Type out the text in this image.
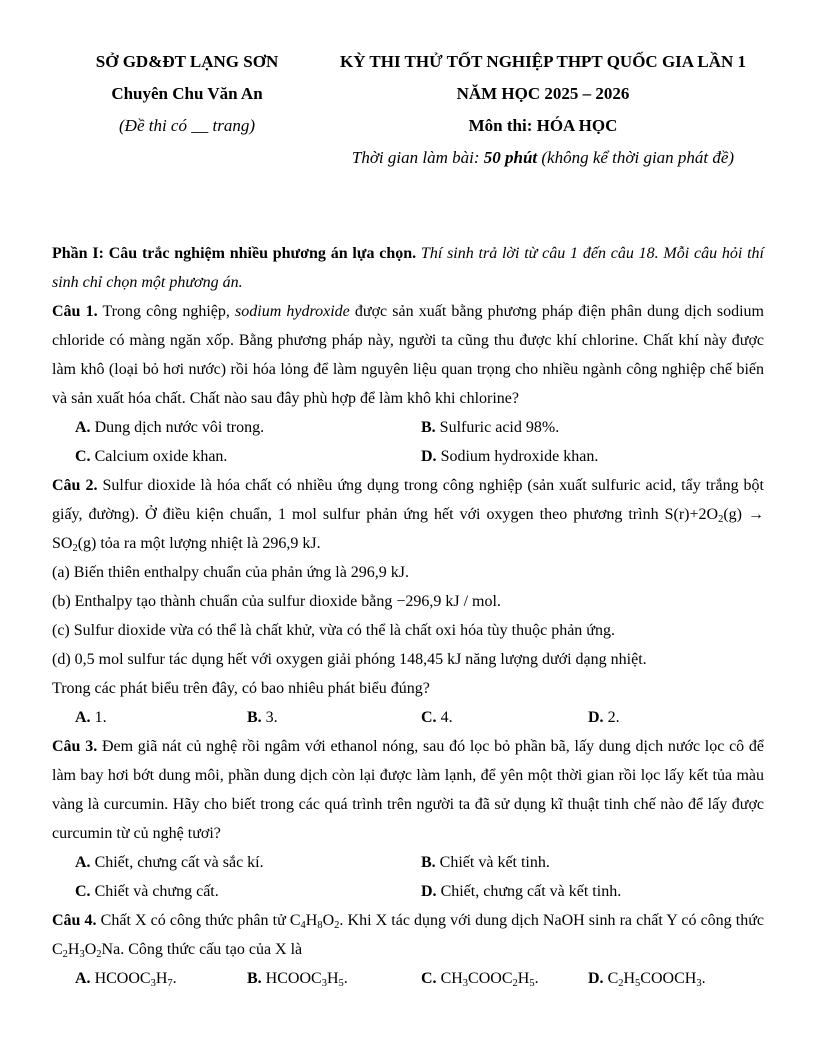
SỞ GD&ĐT LẠNG SƠN
Chuyên Chu Văn An
(Đề thi có __ trang)
KỲ THI THỬ TỐT NGHIỆP THPT QUỐC GIA LẦN 1
NĂM HỌC 2025 – 2026
Môn thi: HÓA HỌC
Thời gian làm bài: 50 phút (không kể thời gian phát đề)

Phần I: Câu trắc nghiệm nhiều phương án lựa chọn. Thí sinh trả lời từ câu 1 đến câu 18. Mỗi câu hỏi thí sinh chỉ chọn một phương án.

Câu 1. Trong công nghiệp, sodium hydroxide được sản xuất bằng phương pháp điện phân dung dịch sodium chloride có màng ngăn xốp. Bằng phương pháp này, người ta cũng thu được khí chlorine. Chất khí này được làm khô (loại bỏ hơi nước) rồi hóa lỏng để làm nguyên liệu quan trọng cho nhiều ngành công nghiệp chế biến và sản xuất hóa chất. Chất nào sau đây phù hợp để làm khô khi chlorine?

A. Dung dịch nước vôi trong.	B. Sulfuric acid 98%.
C. Calcium oxide khan.	D. Sodium hydroxide khan.

Câu 2. Sulfur dioxide là hóa chất có nhiều ứng dụng trong công nghiệp (sản xuất sulfuric acid, tẩy trắng bột giấy, đường). Ở điều kiện chuẩn, 1 mol sulfur phản ứng hết với oxygen theo phương trình $S(r)+2O_2(g) \to SO_2(g)$ tỏa ra một lượng nhiệt là 296,9 kJ.

(a) Biến thiên enthalpy chuẩn của phản ứng là 296,9 kJ.

(b) Enthalpy tạo thành chuẩn của sulfur dioxide bằng −296,9 kJ / mol.

(c) Sulfur dioxide vừa có thể là chất khử, vừa có thể là chất oxi hóa tùy thuộc phản ứng.

(d) 0,5 mol sulfur tác dụng hết với oxygen giải phóng 148,45 kJ năng lượng dưới dạng nhiệt.

Trong các phát biểu trên đây, có bao nhiêu phát biểu đúng?

A. 1.	B. 3.	C. 4.	D. 2.

Câu 3. Đem giã nát củ nghệ rồi ngâm với ethanol nóng, sau đó lọc bỏ phần bã, lấy dung dịch nước lọc cô để làm bay hơi bớt dung môi, phần dung dịch còn lại được làm lạnh, để yên một thời gian rồi lọc lấy kết tủa màu vàng là curcumin. Hãy cho biết trong các quá trình trên người ta đã sử dụng kĩ thuật tinh chế nào để lấy được curcumin từ củ nghệ tươi?

A. Chiết, chưng cất và sắc kí.	B. Chiết và kết tinh.
C. Chiết và chưng cất.	D. Chiết, chưng cất và kết tinh.

Câu 4. Chất X có công thức phân tử $C_4H_8O_2$. Khi X tác dụng với dung dịch NaOH sinh ra chất Y có công thức $C_2H_3O_2Na$. Công thức cấu tạo của X là

A. $HCOOC_3H_7$.	B. $HCOOC_3H_5$.	C. $CH_3COOC_2H_5$.	D. $C_2H_5COOCH_3$.
